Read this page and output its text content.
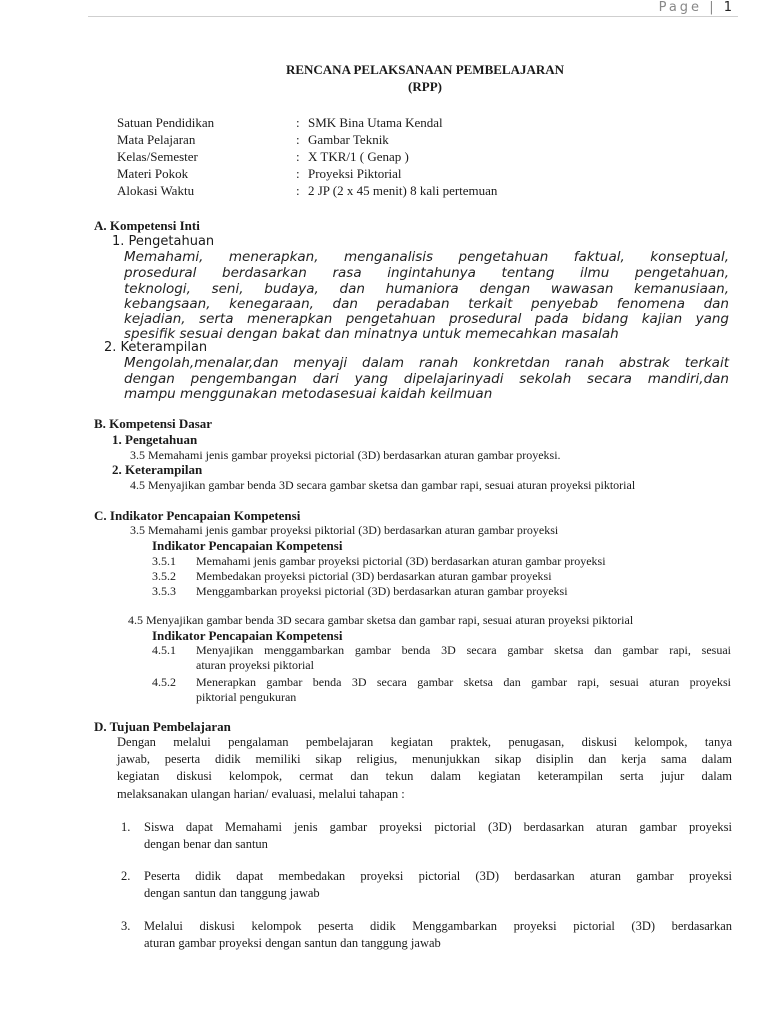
Page | 1
RENCANA PELAKSANAAN PEMBELAJARAN
(RPP)
Satuan Pendidikan	: SMK Bina Utama Kendal
Mata Pelajaran	: Gambar Teknik
Kelas/Semester	: X TKR/1 ( Genap )
Materi Pokok	: Proyeksi Piktorial
Alokasi Waktu	: 2 JP (2 x 45 menit) 8 kali pertemuan
A. Kompetensi Inti
1. Pengetahuan
Memahami, menerapkan, menganalisis pengetahuan faktual, konseptual,
prosedural berdasarkan rasa ingintahunya tentang ilmu pengetahuan,
teknologi, seni, budaya, dan humaniora dengan wawasan kemanusiaan,
kebangsaan, kenegaraan, dan peradaban terkait penyebab fenomena dan
kejadian, serta menerapkan pengetahuan prosedural pada bidang kajian yang
spesifik sesuai dengan bakat dan minatnya untuk memecahkan masalah
2. Keterampilan
Mengolah,menalar,dan menyaji dalam ranah konkretdan ranah abstrak terkait
dengan pengembangan dari yang dipelajarinyadi sekolah secara mandiri,dan
mampu menggunakan metodasesuai kaidah keilmuan
B. Kompetensi Dasar
1. Pengetahuan
3.5 Memahami jenis gambar proyeksi pictorial (3D) berdasarkan aturan gambar proyeksi.
2. Keterampilan
4.5 Menyajikan gambar benda 3D secara gambar sketsa dan gambar rapi, sesuai aturan proyeksi piktorial
C. Indikator Pencapaian Kompetensi
3.5 Memahami jenis gambar proyeksi piktorial (3D) berdasarkan aturan gambar proyeksi
Indikator Pencapaian Kompetensi
3.5.1 Memahami jenis gambar proyeksi pictorial (3D) berdasarkan aturan gambar proyeksi
3.5.2 Membedakan proyeksi pictorial (3D) berdasarkan aturan gambar proyeksi
3.5.3 Menggambarkan proyeksi pictorial (3D) berdasarkan aturan gambar proyeksi
4.5 Menyajikan gambar benda 3D secara gambar sketsa dan gambar rapi, sesuai aturan proyeksi piktorial
Indikator Pencapaian Kompetensi
4.5.1 Menyajikan menggambarkan gambar benda 3D secara gambar sketsa dan gambar rapi, sesuai
aturan proyeksi piktorial
4.5.2 Menerapkan gambar benda 3D secara gambar sketsa dan gambar rapi, sesuai aturan proyeksi
piktorial pengukuran
D. Tujuan Pembelajaran
Dengan melalui pengalaman pembelajaran kegiatan praktek, penugasan, diskusi kelompok, tanya
jawab, peserta didik memiliki sikap religius, menunjukkan sikap disiplin dan kerja sama dalam
kegiatan diskusi kelompok, cermat dan tekun dalam kegiatan keterampilan serta jujur dalam
melaksanakan ulangan harian/ evaluasi, melalui tahapan :
1. Siswa dapat Memahami jenis gambar proyeksi pictorial (3D) berdasarkan aturan gambar proyeksi
dengan benar dan santun
2. Peserta didik dapat membedakan proyeksi pictorial (3D) berdasarkan aturan gambar proyeksi
dengan santun dan tanggung jawab
3. Melalui diskusi kelompok peserta didik Menggambarkan proyeksi pictorial (3D) berdasarkan
aturan gambar proyeksi dengan santun dan tanggung jawab
